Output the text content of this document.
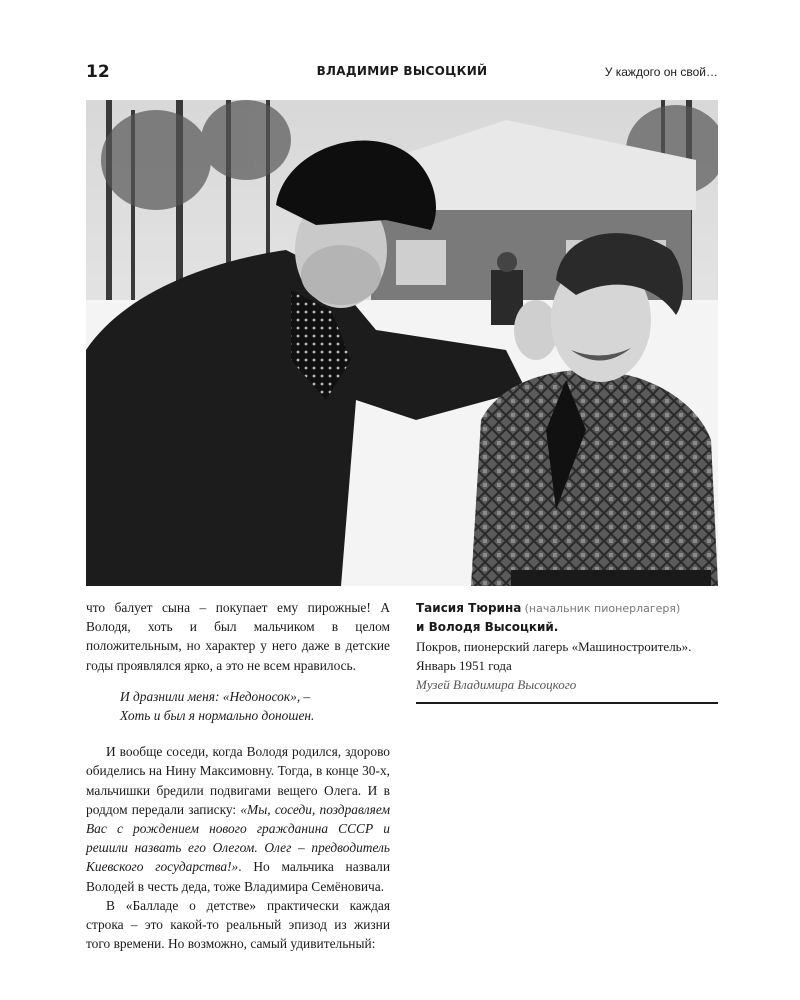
12	ВЛАДИМИР ВЫСОЦКИЙ	У каждого он свой…

что балует сына – покупает ему пирожные! А Володя, хоть и был мальчиком в целом положительным, но характер у него даже в детские годы проявлялся ярко, а это не всем нравилось.

И дразнили меня: «Недоносок», –
Хоть и был я нормально доношен.

И вообще соседи, когда Володя родился, здорово обиделись на Нину Максимовну. Тогда, в конце 30-х, мальчишки бредили подвигами вещего Олега. И в роддом передали записку: «Мы, соседи, поздравляем Вас с рождением нового гражданина СССР и решили назвать его Олегом. Олег – предводитель Киевского государства!». Но мальчика назвали Володей в честь деда, тоже Владимира Семёновича.

В «Балладе о детстве» практически каждая строка – это какой-то реальный эпизод из жизни того времени. Но возможно, самый удивительный:

Таисия Тюрина (начальник пионерлагеря)
и Володя Высоцкий.
Покров, пионерский лагерь «Машиностроитель».
Январь 1951 года
Музей Владимира Высоцкого
